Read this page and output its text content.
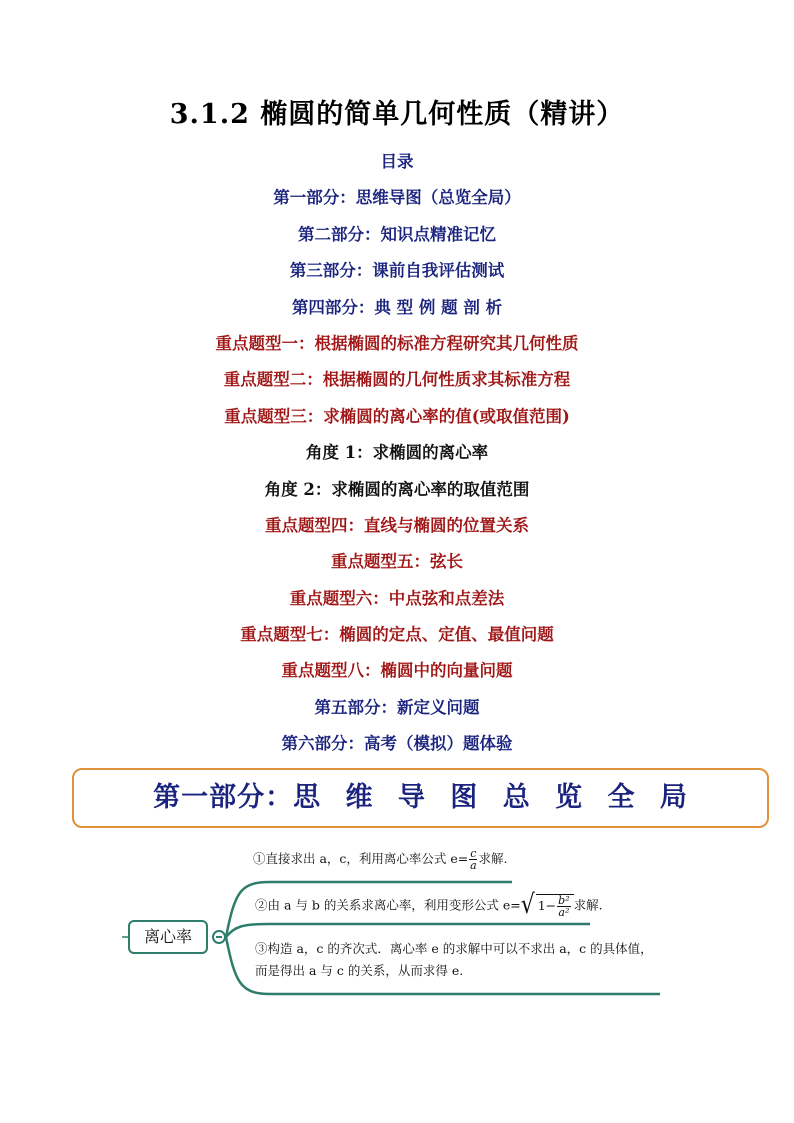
3.1.2 椭圆的简单几何性质（精讲）
目录
第一部分：思维导图（总览全局）
第二部分：知识点精准记忆
第三部分：课前自我评估测试
第四部分：典 型 例 题 剖 析
重点题型一：根据椭圆的标准方程研究其几何性质
重点题型二：根据椭圆的几何性质求其标准方程
重点题型三：求椭圆的离心率的值(或取值范围)
角度 1：求椭圆的离心率
角度 2：求椭圆的离心率的取值范围
重点题型四：直线与椭圆的位置关系
重点题型五：弦长
重点题型六：中点弦和点差法
重点题型七：椭圆的定点、定值、最值问题
重点题型八：椭圆中的向量问题
第五部分：新定义问题
第六部分：高考（模拟）题体验
第一部分：思 维 导 图 总 览 全 局
离心率
①直接求出 a，c，利用离心率公式 $e= \frac{c}{a}$ 求解.
②由 a 与 b 的关系求离心率，利用变形公式 e=√ $1- \frac{\text{b²}}{\text{a²}}$ 求解.
③构造 a，c 的齐次式．离心率 e 的求解中可以不求出 a，c 的具体值，
而是得出 a 与 c 的关系，从而求得 e.
